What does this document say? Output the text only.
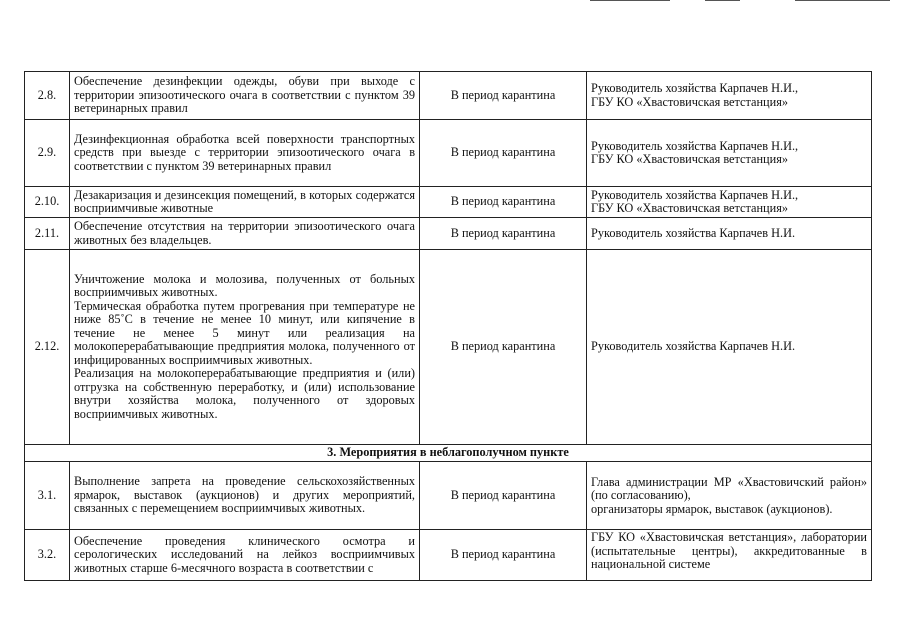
2.8.	Обеспечение дезинфекции одежды, обуви при выходе с территории эпизоотического очага в соответствии с пунктом 39 ветеринарных правил	В период карантина	Руководитель хозяйства Карпачев Н.И.,
ГБУ КО «Хвастовичская ветстанция»

2.9.	Дезинфекционная обработка всей поверхности транспортных средств при выезде с территории эпизоотического очага в соответствии с пунктом 39 ветеринарных правил	В период карантина	Руководитель хозяйства Карпачев Н.И.,
ГБУ КО «Хвастовичская ветстанция»

2.10.	Дезакаризация и дезинсекция помещений, в которых содержатся восприимчивые животные	В период карантина	Руководитель хозяйства Карпачев Н.И.,
ГБУ КО «Хвастовичская ветстанция»

2.11.	Обеспечение отсутствия на территории эпизоотического очага животных без владельцев.	В период карантина	Руководитель хозяйства Карпачев Н.И.

2.12.	Уничтожение молока и молозива, полученных от больных восприимчивых животных.
Термическая обработка путем прогревания при температуре не ниже 85˚С в течение не менее 10 минут, или кипячение в течение не менее 5 минут или реализация на молокоперерабатывающие предприятия молока, полученного от инфицированных восприимчивых животных.
Реализация на молокоперерабатывающие предприятия и (или) отгрузка на собственную переработку, и (или) использование внутри хозяйства молока, полученного от здоровых восприимчивых животных.	В период карантина	Руководитель хозяйства Карпачев Н.И.

3. Мероприятия в неблагополучном пункте			
3.1.	Выполнение запрета на проведение сельскохозяйственных ярмарок, выставок (аукционов) и других мероприятий, связанных с перемещением восприимчивых животных.	В период карантина	Глава администрации МР «Хвастовичский район» (по согласованию),
организаторы ярмарок, выставок (аукционов).

3.2.	Обеспечение проведения клинического осмотра и серологических исследований на лейкоз восприимчивых животных старше 6-месячного возраста в соответствии с	В период карантина	ГБУ КО «Хвастовичская ветстанция», лаборатории (испытательные центры), аккредитованные в национальной системе
